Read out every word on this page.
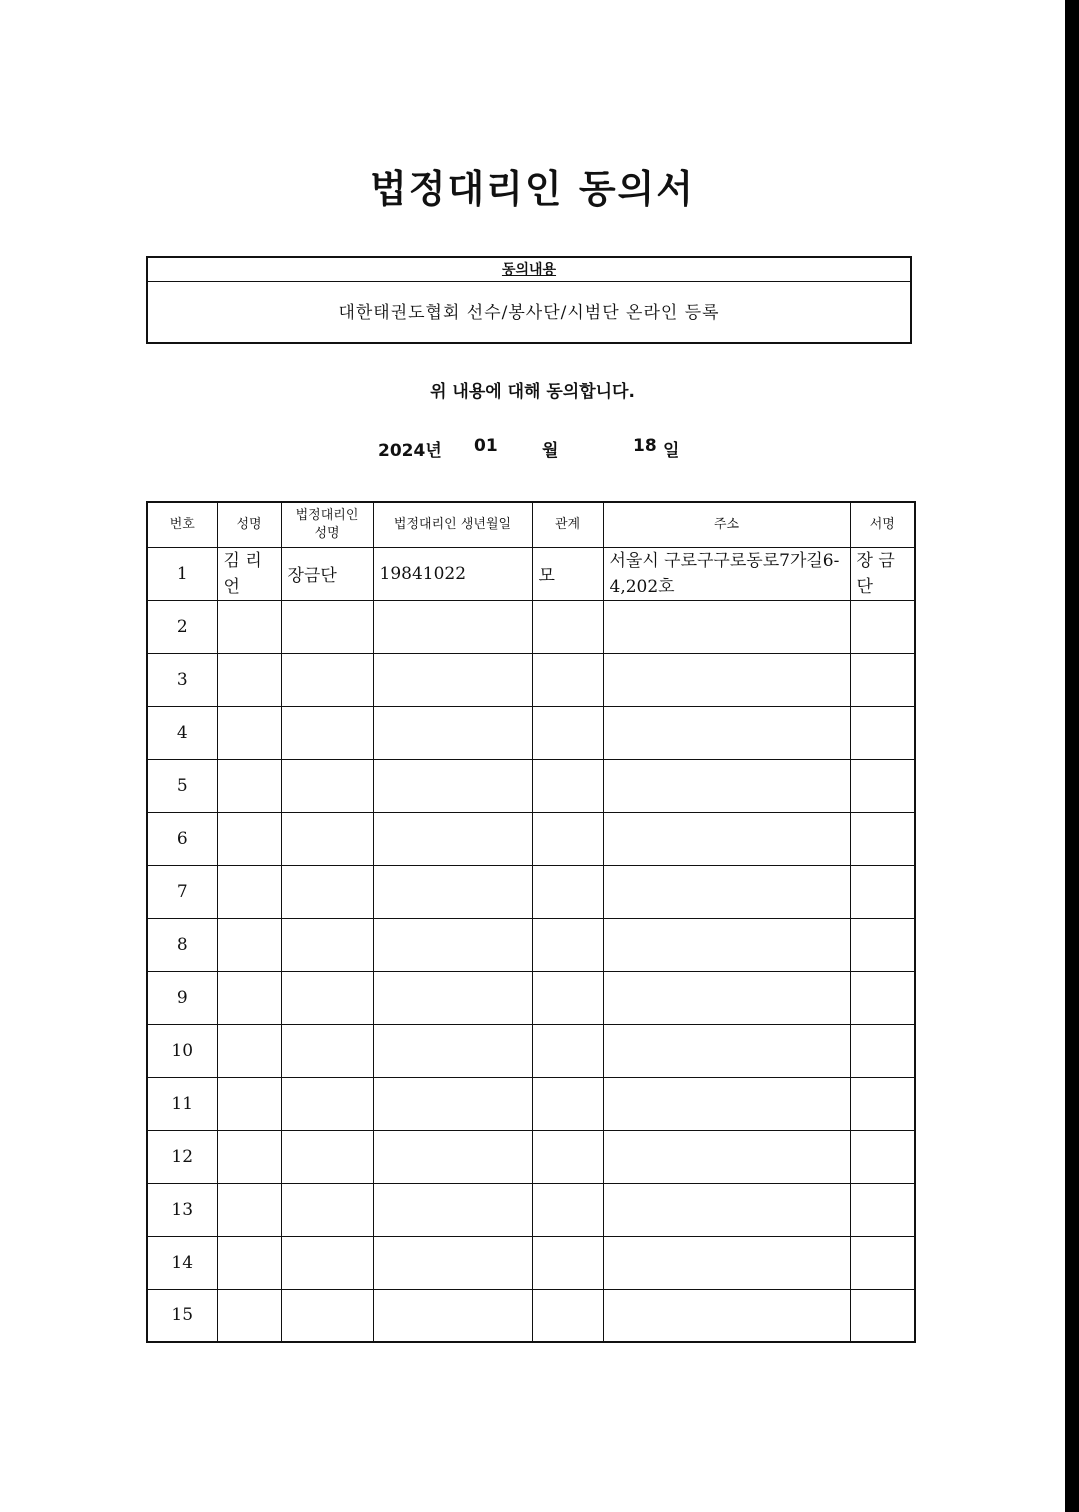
법정대리인 동의서
동의내용
대한태권도협회 선수/봉사단/시범단 온라인 등록
위 내용에 대해 동의합니다.
2024년 01	월	18 일
번호	성명	법정대리인 성명	법정대리인 생년월일	관계	주소	서명
1	김 리 언	장금단	19841022	모	서울시 구로구구로동로7가길6-4,202호	장 금 단
2						
3						
4						
5						
6						
7						
8						
9						
10						
11						
12						
13						
14						
15						
